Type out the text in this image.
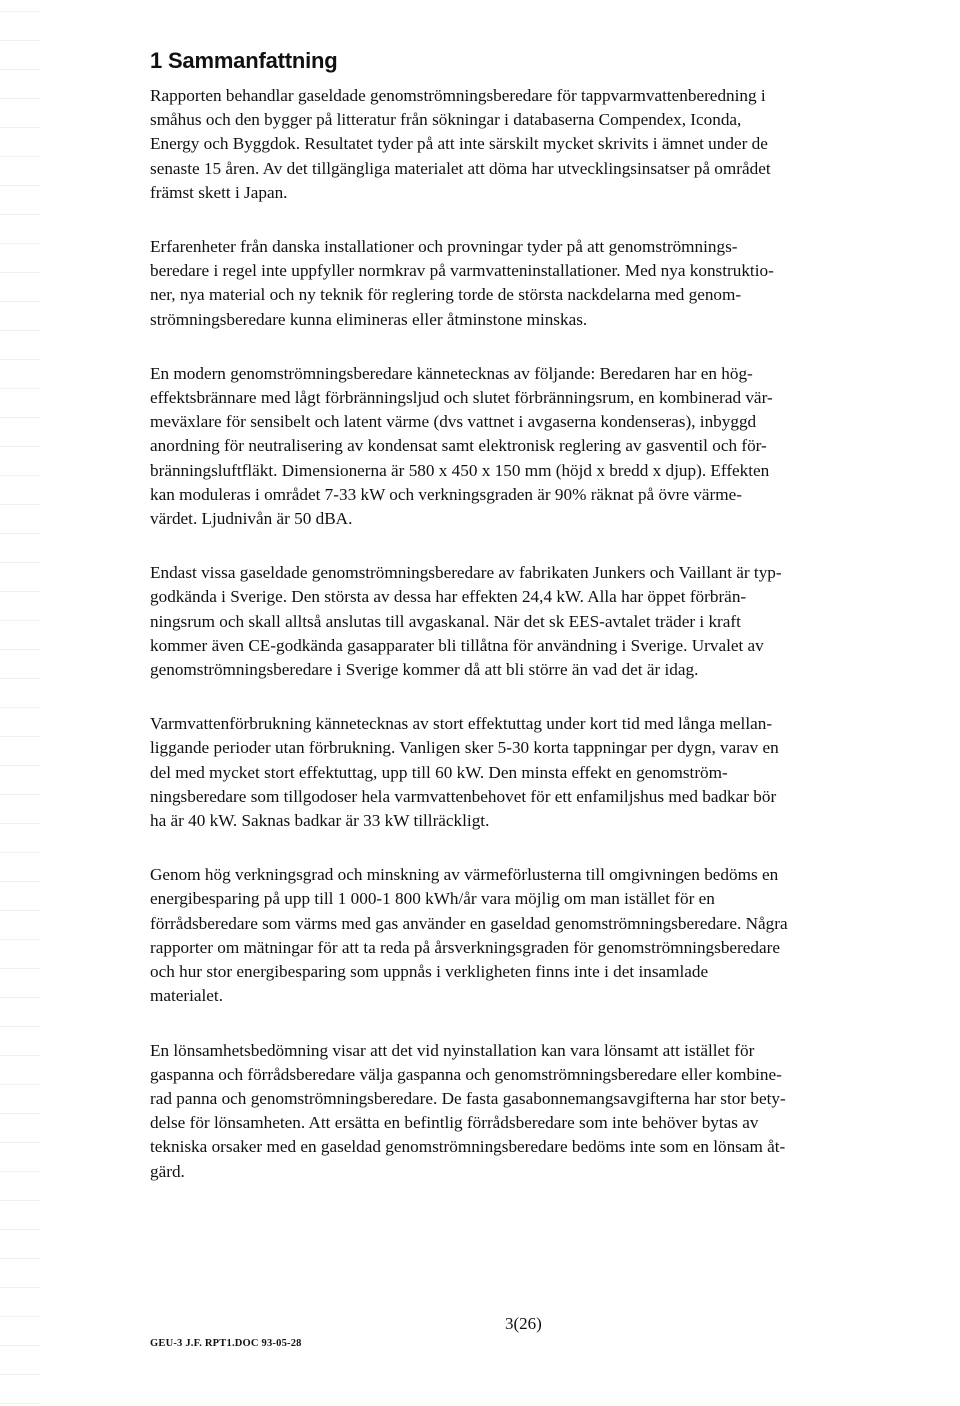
1 Sammanfattning

Rapporten behandlar gaseldade genomströmningsberedare för tappvarmvattenberedning i
småhus och den bygger på litteratur från sökningar i databaserna Compendex, Iconda,
Energy och Byggdok. Resultatet tyder på att inte särskilt mycket skrivits i ämnet under de
senaste 15 åren. Av det tillgängliga materialet att döma har utvecklingsinsatser på området
främst skett i Japan.

Erfarenheter från danska installationer och provningar tyder på att genomströmnings-
beredare i regel inte uppfyller normkrav på varmvatteninstallationer. Med nya konstruktio-
ner, nya material och ny teknik för reglering torde de största nackdelarna med genom-
strömningsberedare kunna elimineras eller åtminstone minskas.

En modern genomströmningsberedare kännetecknas av följande: Beredaren har en hög-
effektsbrännare med lågt förbränningsljud och slutet förbränningsrum, en kombinerad vär-
meväxlare för sensibelt och latent värme (dvs vattnet i avgaserna kondenseras), inbyggd
anordning för neutralisering av kondensat samt elektronisk reglering av gasventil och för-
bränningsluftfläkt. Dimensionerna är 580 x 450 x 150 mm (höjd x bredd x djup). Effekten
kan moduleras i området 7-33 kW och verkningsgraden är 90% räknat på övre värme-
värdet. Ljudnivån är 50 dBA.

Endast vissa gaseldade genomströmningsberedare av fabrikaten Junkers och Vaillant är typ-
godkända i Sverige. Den största av dessa har effekten 24,4 kW. Alla har öppet förbrän-
ningsrum och skall alltså anslutas till avgaskanal. När det sk EES-avtalet träder i kraft
kommer även CE-godkända gasapparater bli tillåtna för användning i Sverige. Urvalet av
genomströmningsberedare i Sverige kommer då att bli större än vad det är idag.

Varmvattenförbrukning kännetecknas av stort effektuttag under kort tid med långa mellan-
liggande perioder utan förbrukning. Vanligen sker 5-30 korta tappningar per dygn, varav en
del med mycket stort effektuttag, upp till 60 kW. Den minsta effekt en genomström-
ningsberedare som tillgodoser hela varmvattenbehovet för ett enfamiljshus med badkar bör
ha är 40 kW. Saknas badkar är 33 kW tillräckligt.

Genom hög verkningsgrad och minskning av värmeförlusterna till omgivningen bedöms en
energibesparing på upp till 1 000-1 800 kWh/år vara möjlig om man istället för en
förrådsberedare som värms med gas använder en gaseldad genomströmningsberedare. Några
rapporter om mätningar för att ta reda på årsverkningsgraden för genomströmningsberedare
och hur stor energibesparing som uppnås i verkligheten finns inte i det insamlade
materialet.

En lönsamhetsbedömning visar att det vid nyinstallation kan vara lönsamt att istället för
gaspanna och förrådsberedare välja gaspanna och genomströmningsberedare eller kombine-
rad panna och genomströmningsberedare. De fasta gasabonnemangsavgifterna har stor bety-
delse för lönsamheten. Att ersätta en befintlig förrådsberedare som inte behöver bytas av
tekniska orsaker med en gaseldad genomströmningsberedare bedöms inte som en lönsam åt-
gärd.

3(26)
GEU-3 J.F. RPT1.DOC 93-05-28
